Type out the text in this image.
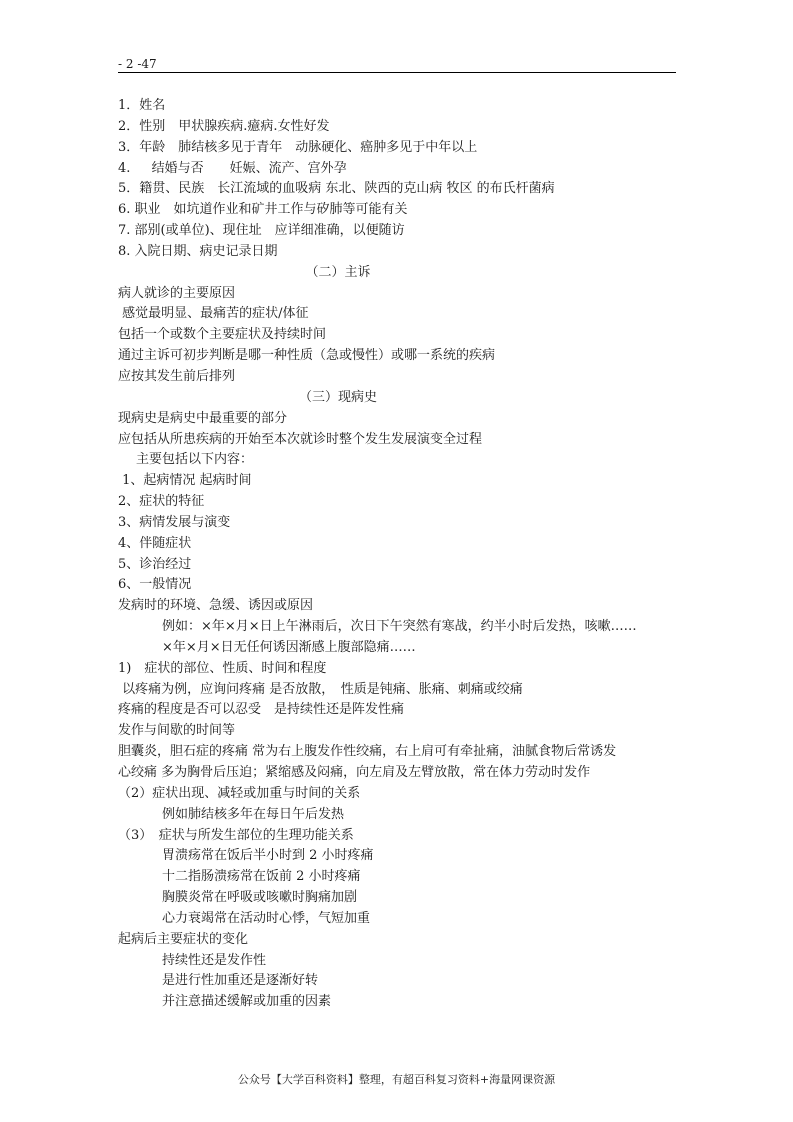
- 2 -47
1．姓名
2．性别　甲状腺疾病.癔病.女性好发
3．年龄　肺结核多见于青年　动脉硬化、癌肿多见于中年以上
4.　  结婚与否　　妊娠、流产、宫外孕
5．籍贯、民族　长江流域的血吸病 东北、陕西的克山病 牧区 的布氏杆菌病
6. 职业　如坑道作业和矿井工作与矽肺等可能有关
7. 部别(或单位)、现住址　应详细准确，以便随访
8. 入院日期、病史记录日期
（二）主诉
病人就诊的主要原因
感觉最明显、最痛苦的症状/体征
包括一个或数个主要症状及持续时间
通过主诉可初步判断是哪一种性质（急或慢性）或哪一系统的疾病
应按其发生前后排列
（三）现病史
现病史是病史中最重要的部分
应包括从所患疾病的开始至本次就诊时整个发生发展演变全过程
主要包括以下内容：
1、起病情况 起病时间
2、症状的特征
3、病情发展与演变
4、伴随症状
5、诊治经过
6、一般情况
发病时的环境、急缓、诱因或原因
例如：×年×月×日上午淋雨后，次日下午突然有寒战，约半小时后发热，咳嗽……
×年×月×日无任何诱因渐感上腹部隐痛……
1)　症状的部位、性质、时间和程度
以疼痛为例，应询问疼痛 是否放散，　性质是钝痛、胀痛、刺痛或绞痛
疼痛的程度是否可以忍受　是持续性还是阵发性痛
发作与间歇的时间等
胆囊炎，胆石症的疼痛 常为右上腹发作性绞痛，右上肩可有牵扯痛，油腻食物后常诱发
心绞痛 多为胸骨后压迫；紧缩感及闷痛，向左肩及左臂放散，常在体力劳动时发作
（2）症状出现、减轻或加重与时间的关系
例如肺结核多年在每日午后发热
（3）　症状与所发生部位的生理功能关系
胃溃疡常在饭后半小时到 2 小时疼痛
十二指肠溃疡常在饭前 2 小时疼痛
胸膜炎常在呼吸或咳嗽时胸痛加剧
心力衰竭常在活动时心悸，气短加重
起病后主要症状的变化
持续性还是发作性
是进行性加重还是逐渐好转
并注意描述缓解或加重的因素
公众号【大学百科资料】整理，有超百科复习资料+海量网课资源
